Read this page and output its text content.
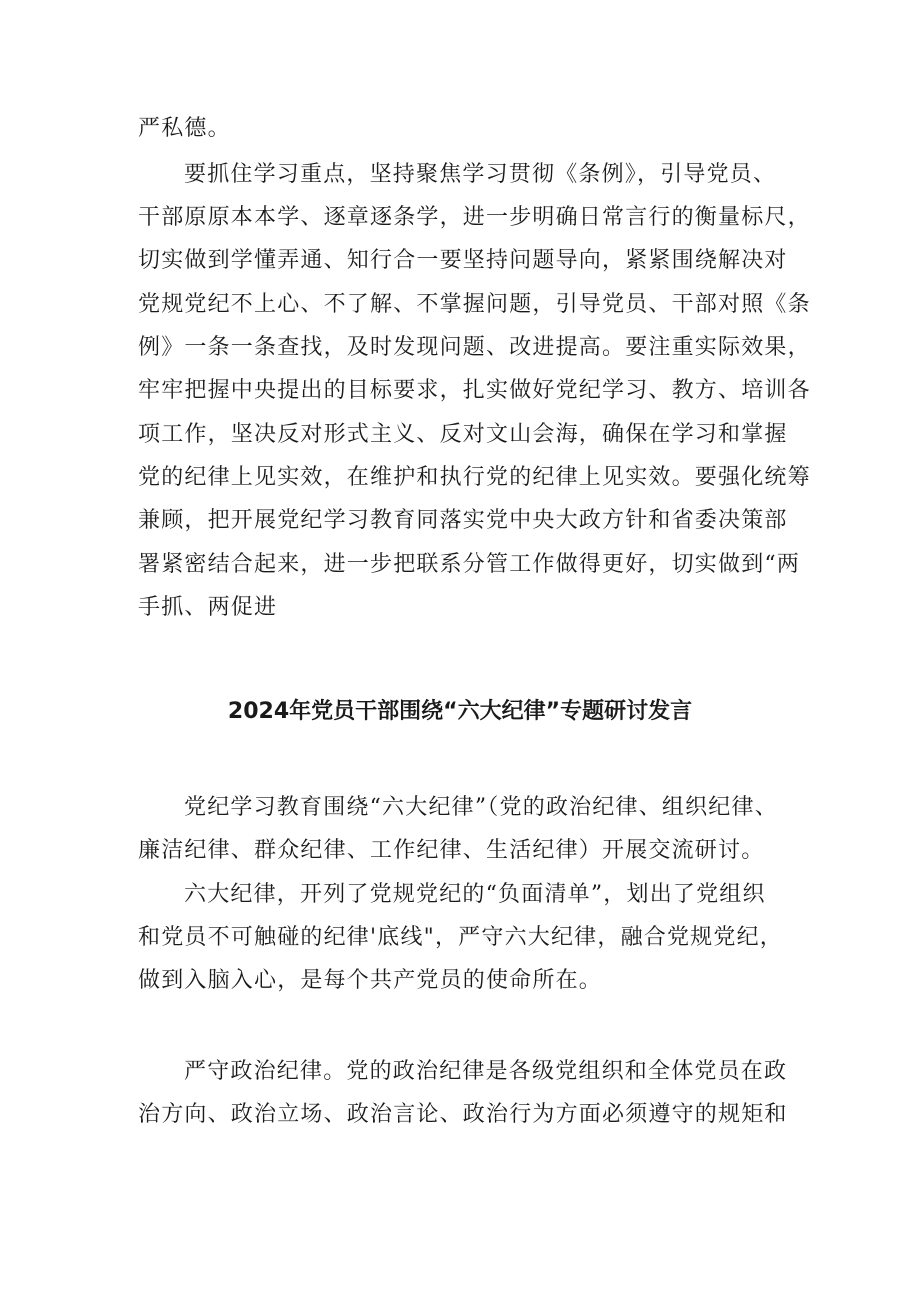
严私德。
要抓住学习重点，坚持聚焦学习贯彻《条例》，引导党员、
干部原原本本学、逐章逐条学，进一步明确日常言行的衡量标尺，
切实做到学懂弄通、知行合一要坚持问题导向，紧紧围绕解决对
党规党纪不上心、不了解、不掌握问题，引导党员、干部对照《条
例》一条一条查找，及时发现问题、改进提高。要注重实际效果，
牢牢把握中央提出的目标要求，扎实做好党纪学习、教方、培训各
项工作，坚决反对形式主义、反对文山会海，确保在学习和掌握
党的纪律上见实效，在维护和执行党的纪律上见实效。要强化统筹
兼顾，把开展党纪学习教育同落实党中央大政方针和省委决策部
署紧密结合起来，进一步把联系分管工作做得更好，切实做到“两
手抓、两促进
2024年党员干部围绕“六大纪律”专题研讨发言
党纪学习教育围绕“六大纪律”（党的政治纪律、组织纪律、
廉洁纪律、群众纪律、工作纪律、生活纪律）开展交流研讨。
六大纪律，开列了党规党纪的“负面清单”，划出了党组织
和党员不可触碰的纪律'底线"，严守六大纪律，融合党规党纪，
做到入脑入心，是每个共产党员的使命所在。
严守政治纪律。党的政治纪律是各级党组织和全体党员在政
治方向、政治立场、政治言论、政治行为方面必须遵守的规矩和
